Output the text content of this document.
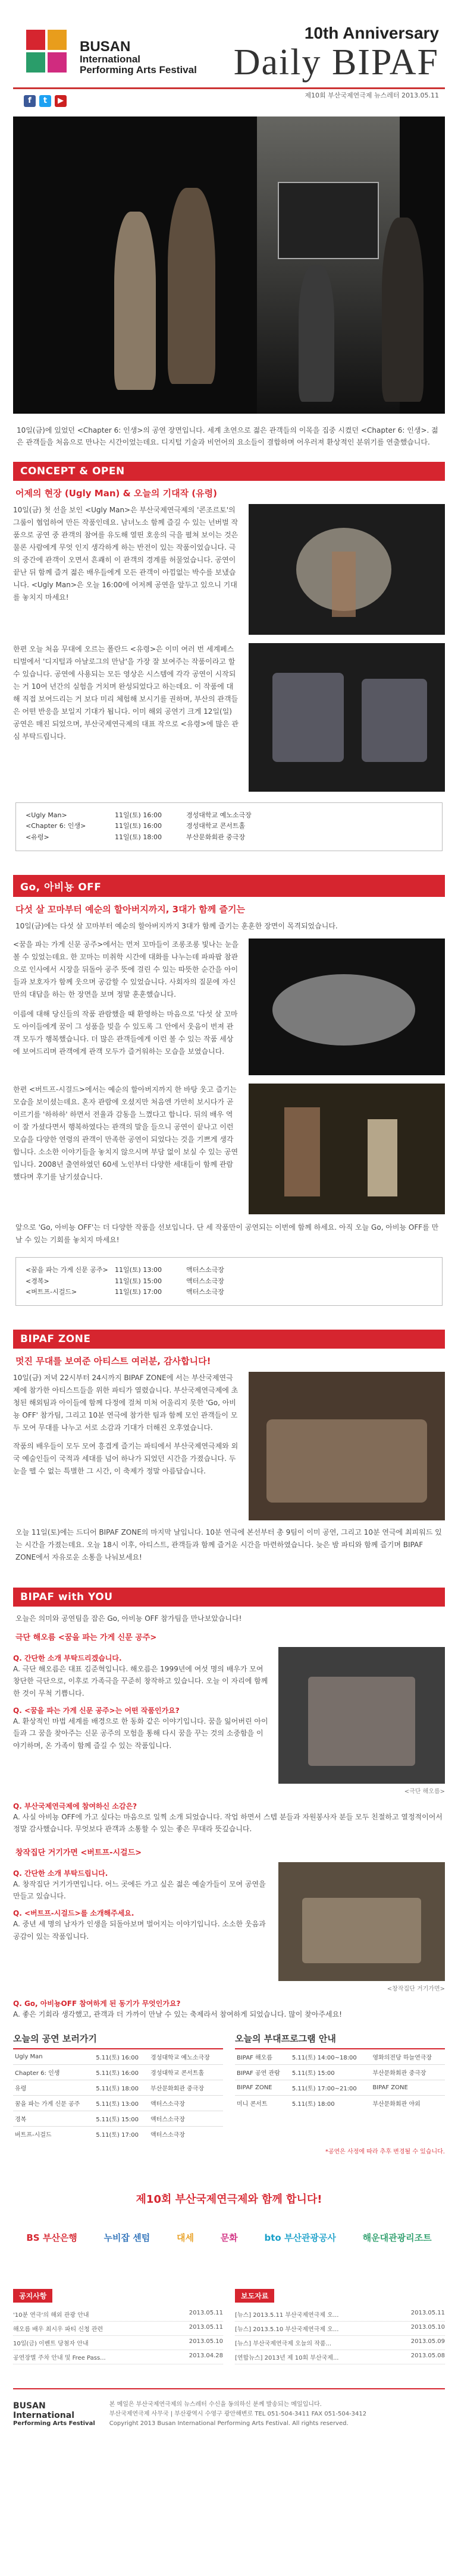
BUSAN
International
Performing Arts Festival
10th Anniversary
Daily BIPAF
제10회 부산국제연극제 뉴스레터 2013.05.11
f	t	▶

10일(금)에 있었던 <Chapter 6: 인생>의 공연 장면입니다. 세계 초연으로 젊은 관객들의 이목을 집중 시켰던 <Chapter 6: 인생>. 젊은 관객들을 처음으로 만나는 시간이었는데요. 디지털 기술과 비언어의 요소들이 결합하며 어우러져 환상적인 분위기를 연출했습니다.

CONCEPT & OPEN
어제의 현장 (Ugly Man) & 오늘의 기대작 (유령)

10일(금) 첫 선을 보인 <Ugly Man>은 부산국제연극제의 '콘조르토'의 그룹이 협업하여 만든 작품인데요. 남녀노소 함께 즐길 수 있는 넌버벌 작품으로 공연 중 관객의 참여를 유도해 열띤 호응의 극을 펼쳐 보이는 것은 물론 사람에게 무엇 인지 생각하게 하는 반전이 있는 작품이었습니다. 극의 중간에 관객이 오면서 흔쾌히 이 관객의 경계를 허물었습니다. 공연이 끝난 뒤 함께 즐겨 젊은 배우들에게 모든 관객이 아낌없는 박수를 보냈습니다. <Ugly Man>은 오늘 16:00에 어저께 공연을 앞두고 있으니 기대를 놓치지 마세요!

한편 오늘 처음 무대에 오르는 폴란드 <유령>은 이미 여러 번 세계페스티벌에서 '디지털과 아날로그의 만남'을 가장 잘 보여주는 작품이라고 할 수 있습니다. 공연에 사용되는 모든 영상은 시스템에 각각 공연이 시작되는 거 10여 년간의 실험을 거치며 완성되었다고 하는데요. 이 작품에 대해 직접 보여드리는 거 보다 미리 체험해 보시기를 권하며, 부산의 관객들은 어떤 반응을 보일지 기대가 됩니다. 이미 해외 공연기 크게 12일(일) 공연은 매진 되었으며, 부산국제연극제의 대표 작으로 <유령>에 많은 관심 부탁드립니다.

<Ugly Man>	11일(토) 16:00	경성대학교 예노소극장
<Chapter 6: 인생>	11일(토) 16:00	경성대학교 콘서트홀
<유령>	11일(토) 18:00	부산문화회관 중극장
Go, 아비뇽 OFF
다섯 살 꼬마부터 예순의 할아버지까지, 3대가 함께 즐기는

10일(금)에는 다섯 살 꼬마부터 예순의 할아버지까지 3대가 함께 즐기는 훈훈한 장면이 목격되었습니다.

<꿈을 파는 가게 신문 공주>에서는 먼저 꼬마들이 조롱조롱 빛나는 눈을 볼 수 있었는데요. 한 꼬마는 미취학 시간에 대화를 나누는데 파파팝 참관으로 인사에서 시장을 뒤돌아 공주 뜻에 걸린 수 있는 따뜻한 순간을 아이들과 보호자가 함께 웃으며 공감할 수 있었습니다. 사회자의 질문에 자신만의 대답을 하는 한 장면을 보며 정말 훈훈했습니다.

이름에 대해 당신들의 작품 관람했을 때 환영하는 마음으로 '다섯 살 꼬마도 아이들에게 꿈이 그 성품을 빚을 수 있도록 그 안에서 웃음이 번져 관객 모두가 행복했습니다. 더 많은 관객들에게 이런 볼 수 있는 작품 세상에 보여드리며 관객에게 관객 모두가 즐거워하는 모습을 보였습니다.

한편 <버트프-시걸드>에서는 예순의 할아버지까지 한 바탕 웃고 즐기는 모습을 보이셨는데요. 혼자 관람에 오셨지만 처음엔 가만히 보시다가 곧 이르기를 '하하하' 하면서 전율과 감동을 느꼈다고 합니다. 뒤의 배우 역이 잘 가셨다면서 행복하였다는 관객의 말을 들으니 공연이 끝나고 이런 모습을 다양한 연령의 관객이 만족한 공연이 되었다는 것을 기쁘게 생각합니다. 소소한 이야기들을 놓치지 않으시며 부담 없이 보실 수 있는 공연입니다. 2008년 출연하였던 60세 노인부터 다양한 세대들이 함께 관람했다며 후기를 남기셨습니다.

앞으로 'Go, 아비뇽 OFF'는 더 다양한 작품을 선보입니다. 단 세 작품만이 공연되는 이번에 함께 하세요. 아직 오늘 Go, 아비뇽 OFF를 만날 수 있는 기회를 놓치지 마세요!

<꿈을 파는 가게 신문 공주>	11일(토) 13:00	액터스소극장
<경복>	11일(토) 15:00	액터스소극장
<버트프-시걸드>	11일(토) 17:00	액터스소극장
BIPAF ZONE
멋진 무대를 보여준 아티스트 여러분, 감사합니다!

10일(금) 저녁 22시부터 24시까지 BIPAF ZONE에 서는 부산국제연극제에 참가한 아티스트들을 위한 파티가 열렸습니다. 부산국제연극제에 초청된 해외팀과 아이들에 함께 다정에 걸쳐 미처 어울리지 못한 'Go, 아비뇽 OFF' 참가팀, 그리고 10분 연극에 참가한 팀과 함께 모인 관객들이 모두 모여 무대를 나누고 서로 소감과 기대가 더해진 오후였습니다.

작품의 배우들이 모두 모여 흥겹게 즐기는 파티에서 부산국제연극제와 외국 예술인들이 국적과 세대를 넘어 하나가 되었던 시간을 가졌습니다. 두 눈을 뗄 수 없는 특별한 그 시간, 이 축제가 정말 아름답습니다.

오늘 11일(토)에는 드디어 BIPAF ZONE의 마지막 날입니다. 10분 연극에 본선부터 총 9팀이 이미 공연, 그리고 10분 연극에 최피워드 있는 시간을 가졌는데요. 오늘 18시 이후, 아티스트, 관객들과 함께 즐거운 시간을 마련하였습니다. 늦은 밤 파티와 함께 즐기며 BIPAF ZONE에서 자유로운 소통을 나눠보세요!

BIPAF with YOU

오늘은 의미와 공연팀을 잡은 Go, 아비뇽 OFF 참가팀을 만나보았습니다!

극단 해오름 <꿈을 파는 가게 신문 공주>
Q. 간단한 소개 부탁드리겠습니다.
A. 극단 해오름은 대표 김준혁입니다. 해오름은 1999년에 여섯 명의 배우가 모여 창단한 극단으로, 이후로 가족극을 꾸준히 창작하고 있습니다. 오늘 이 자리에 함께한 것이 무척 기쁩니다.
Q. <꿈을 파는 가게 신문 공주>는 어떤 작품인가요?
A. 환상적인 마법 세계를 배경으로 한 동화 같은 이야기입니다. 꿈을 잃어버린 아이들과 그 꿈을 찾아주는 신문 공주의 모험을 통해 다시 꿈을 꾸는 것의 소중함을 이야기하며, 온 가족이 함께 즐길 수 있는 작품입니다.
<극단 해오름>
Q. 부산국제연극제에 참여하신 소감은?
A. 사실 아비뇽 OFF에 가고 싶다는 마음으로 일찍 소개 되었습니다. 작업 하면서 스텝 분들과 자원봉사자 분들 모두 친절하고 열정적이어서 정말 감사했습니다. 무엇보다 관객과 소통할 수 있는 좋은 무대라 뜻깊습니다.
창작집단 거기가면 <버트프-시걸드>
Q. 간단한 소개 부탁드립니다.
A. 창작집단 거기가면입니다. 어느 곳에든 가고 싶은 젊은 예술가들이 모여 공연을 만들고 있습니다.
Q. <버트프-시걸드>를 소개해주세요.
A. 중년 세 명의 남자가 인생을 되돌아보며 벌어지는 이야기입니다. 소소한 웃음과 공감이 있는 작품입니다.
<창작집단 거기가면>
Q. Go, 아비뇽OFF 참여하게 된 동기가 무엇인가요?
A. 좋은 기회라 생각했고, 관객과 더 가까이 만날 수 있는 축제라서 참여하게 되었습니다. 많이 찾아주세요!
오늘의 공연 보러가기
Ugly Man	5.11(토) 16:00	경성대학교 예노소극장
Chapter 6: 인생	5.11(토) 16:00	경성대학교 콘서트홀
유령	5.11(토) 18:00	부산문화회관 중극장
꿈을 파는 가게 신문 공주	5.11(토) 13:00	액터스소극장
경복	5.11(토) 15:00	액터스소극장
버트프-시걸드	5.11(토) 17:00	액터스소극장
오늘의 부대프로그램 안내
BIPAF 해오름	5.11(토) 14:00~18:00	영화의전당 하늘연극장
BIPAF 공연 관람	5.11(토) 15:00	부산문화회관 중극장
BIPAF ZONE	5.11(토) 17:00~21:00	BIPAF ZONE
미니 콘서트	5.11(토) 18:00	부산문화회관 야외
*공연은 사정에 따라 추후 변경될 수 있습니다.
제10회 부산국제연극제와 함께 합니다!
BS 부산은행	누비잡 센텀	대세	문화	bto 부산관광공사	해운대관광리조트
공지사항
'10분 연극'의 해외 관광 안내	2013.05.11
해오름 배우 최시우 파티 신청 관련	2013.05.11
10일(금) 이벤트 당첨자 안내	2013.05.10
공연장별 주차 안내 및 Free Pass...	2013.04.28
보도자료
[뉴스] 2013.5.11 부산국제연극제 오...	2013.05.11
[뉴스] 2013.5.10 부산국제연극제 오...	2013.05.10
[뉴스] 부산국제연극제 오늘의 작품...	2013.05.09
[연합뉴스] 2013년 제 10회 부산국제...	2013.05.08
BUSAN
International
Performing Arts Festival
본 메일은 부산국제연극제의 뉴스레터 수신을 동의하신 분께 발송되는 메일입니다.
부산국제연극제 사무국 | 부산광역시 수영구 광안해변로 TEL 051-504-3411 FAX 051-504-3412
Copyright 2013 Busan International Performing Arts Festival. All rights reserved.
